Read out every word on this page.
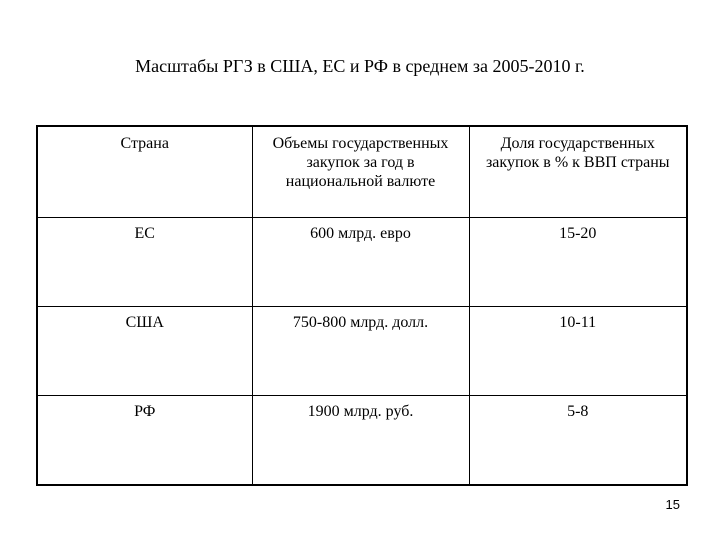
Масштабы РГЗ в США, ЕС и РФ в среднем за 2005-2010 г.
Страна	Объемы государственных закупок за год в национальной валюте	Доля государственных закупок в % к ВВП страны
ЕС	600 млрд. евро	15-20
США	750-800 млрд. долл.	10-11
РФ	1900 млрд. руб.	5-8
15
